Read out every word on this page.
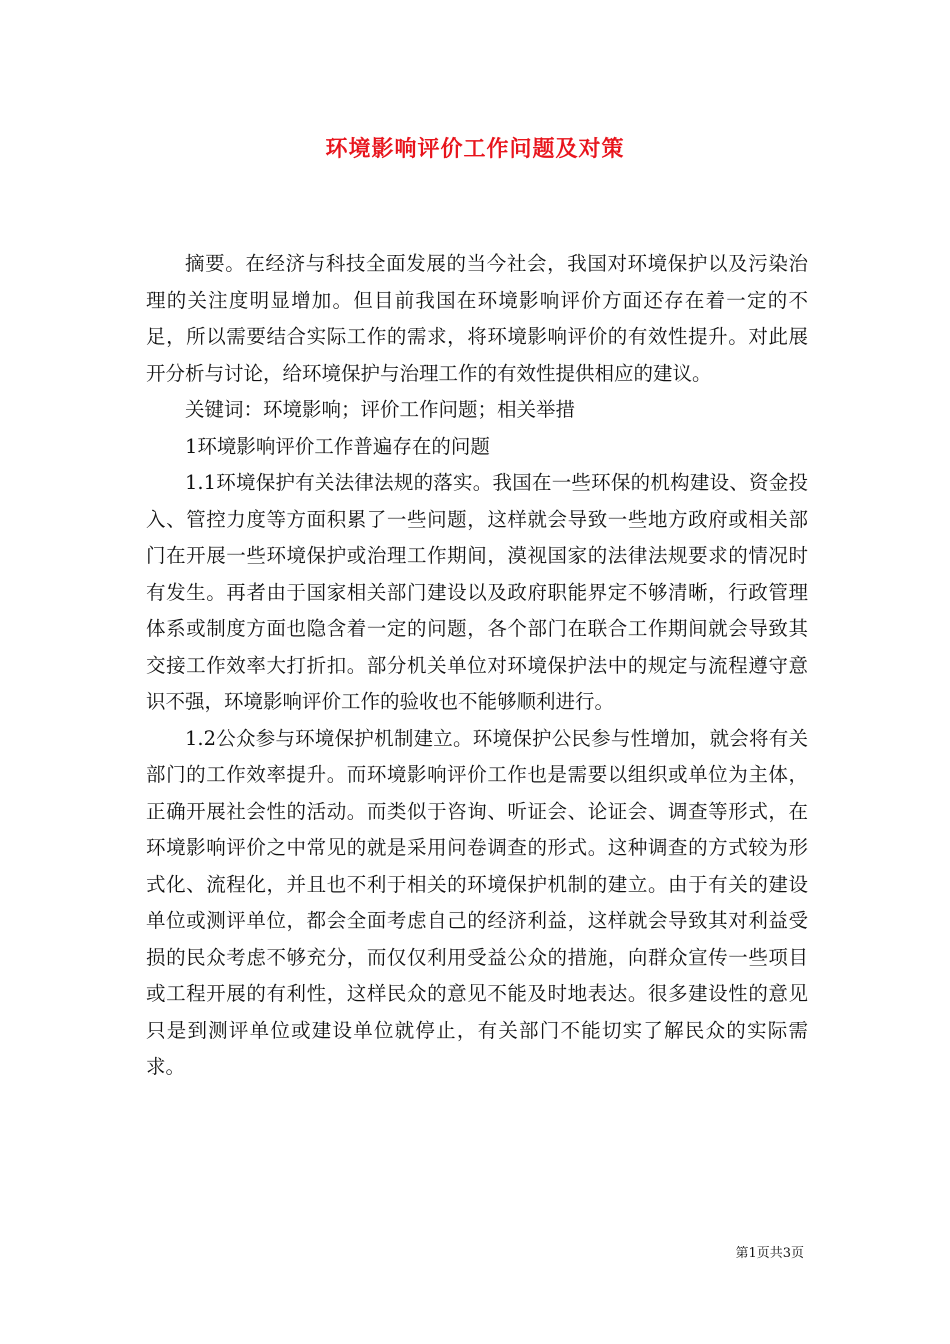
环境影响评价工作问题及对策

摘要。在经济与科技全面发展的当今社会，我国对环境保护以及污染治理的关注度明显增加。但目前我国在环境影响评价方面还存在着一定的不足，所以需要结合实际工作的需求，将环境影响评价的有效性提升。对此展开分析与讨论，给环境保护与治理工作的有效性提供相应的建议。

关键词：环境影响；评价工作问题；相关举措

1环境影响评价工作普遍存在的问题

1.1环境保护有关法律法规的落实。我国在一些环保的机构建设、资金投入、管控力度等方面积累了一些问题，这样就会导致一些地方政府或相关部门在开展一些环境保护或治理工作期间，漠视国家的法律法规要求的情况时有发生。再者由于国家相关部门建设以及政府职能界定不够清晰，行政管理体系或制度方面也隐含着一定的问题，各个部门在联合工作期间就会导致其交接工作效率大打折扣。部分机关单位对环境保护法中的规定与流程遵守意识不强，环境影响评价工作的验收也不能够顺利进行。

1.2公众参与环境保护机制建立。环境保护公民参与性增加，就会将有关部门的工作效率提升。而环境影响评价工作也是需要以组织或单位为主体，正确开展社会性的活动。而类似于咨询、听证会、论证会、调查等形式，在环境影响评价之中常见的就是采用问卷调查的形式。这种调查的方式较为形式化、流程化，并且也不利于相关的环境保护机制的建立。由于有关的建设单位或测评单位，都会全面考虑自己的经济利益，这样就会导致其对利益受损的民众考虑不够充分，而仅仅利用受益公众的措施，向群众宣传一些项目或工程开展的有利性，这样民众的意见不能及时地表达。很多建设性的意见只是到测评单位或建设单位就停止，有关部门不能切实了解民众的实际需求。

第1页共3页
